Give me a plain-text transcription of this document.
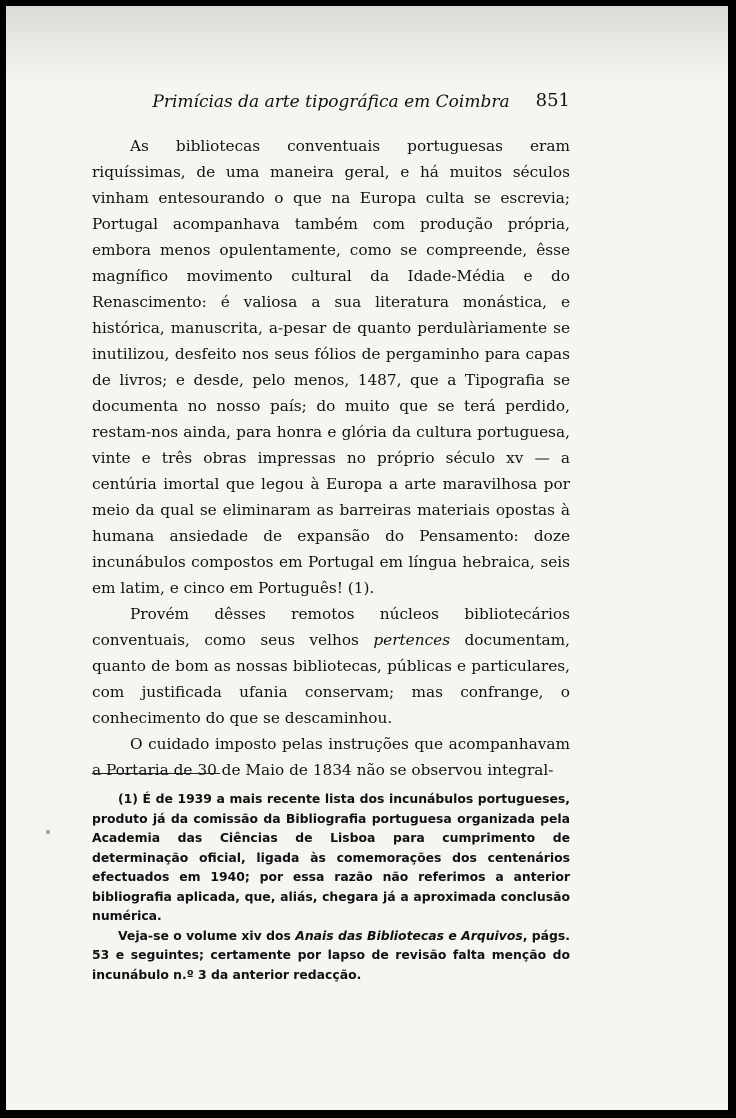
Primícias da arte tipográfica em Coimbra	851

As bibliotecas conventuais portuguesas eram riquíssimas, de uma maneira geral, e há muitos séculos vinham entesourando o que na Europa culta se escrevia; Portugal acompanhava também com produção própria, embora menos opulentamente, como se compreende, êsse magnífico movimento cultural da Idade-Média e do Renascimento: é valiosa a sua literatura monástica, e histórica, manuscrita, a-pesar de quanto perdulàriamente se inutilizou, desfeito nos seus fólios de pergaminho para capas de livros; e desde, pelo menos, 1487, que a Tipografia se documenta no nosso país; do muito que se terá perdido, restam-nos ainda, para honra e glória da cultura portuguesa, vinte e três obras impressas no próprio século xv — a centúria imortal que legou à Europa a arte maravilhosa por meio da qual se eliminaram as barreiras materiais opostas à humana ansiedade de expansão do Pensamento: doze incunábulos compostos em Portugal em língua hebraica, seis em latim, e cinco em Português! (1).

Provém dêsses remotos núcleos bibliotecários conventuais, como seus velhos pertences documentam, quanto de bom as nossas bibliotecas, públicas e particulares, com justificada ufania conservam; mas confrange, o conhecimento do que se descaminhou.

O cuidado imposto pelas instruções que acompanhavam a Portaria de 30 de Maio de 1834 não se observou integral-

(1) É de 1939 a mais recente lista dos incunábulos portugueses, produto já da comissão da Bibliografia portuguesa organizada pela Academia das Ciências de Lisboa para cumprimento de determinação oficial, ligada às comemorações dos centenários efectuados em 1940; por essa razão não referimos a anterior bibliografia aplicada, que, aliás, chegara já a aproximada conclusão numérica.

Veja-se o volume xiv dos Anais das Bibliotecas e Arquivos, págs. 53 e seguintes; certamente por lapso de revisão falta menção do incunábulo n.º 3 da anterior redacção.
